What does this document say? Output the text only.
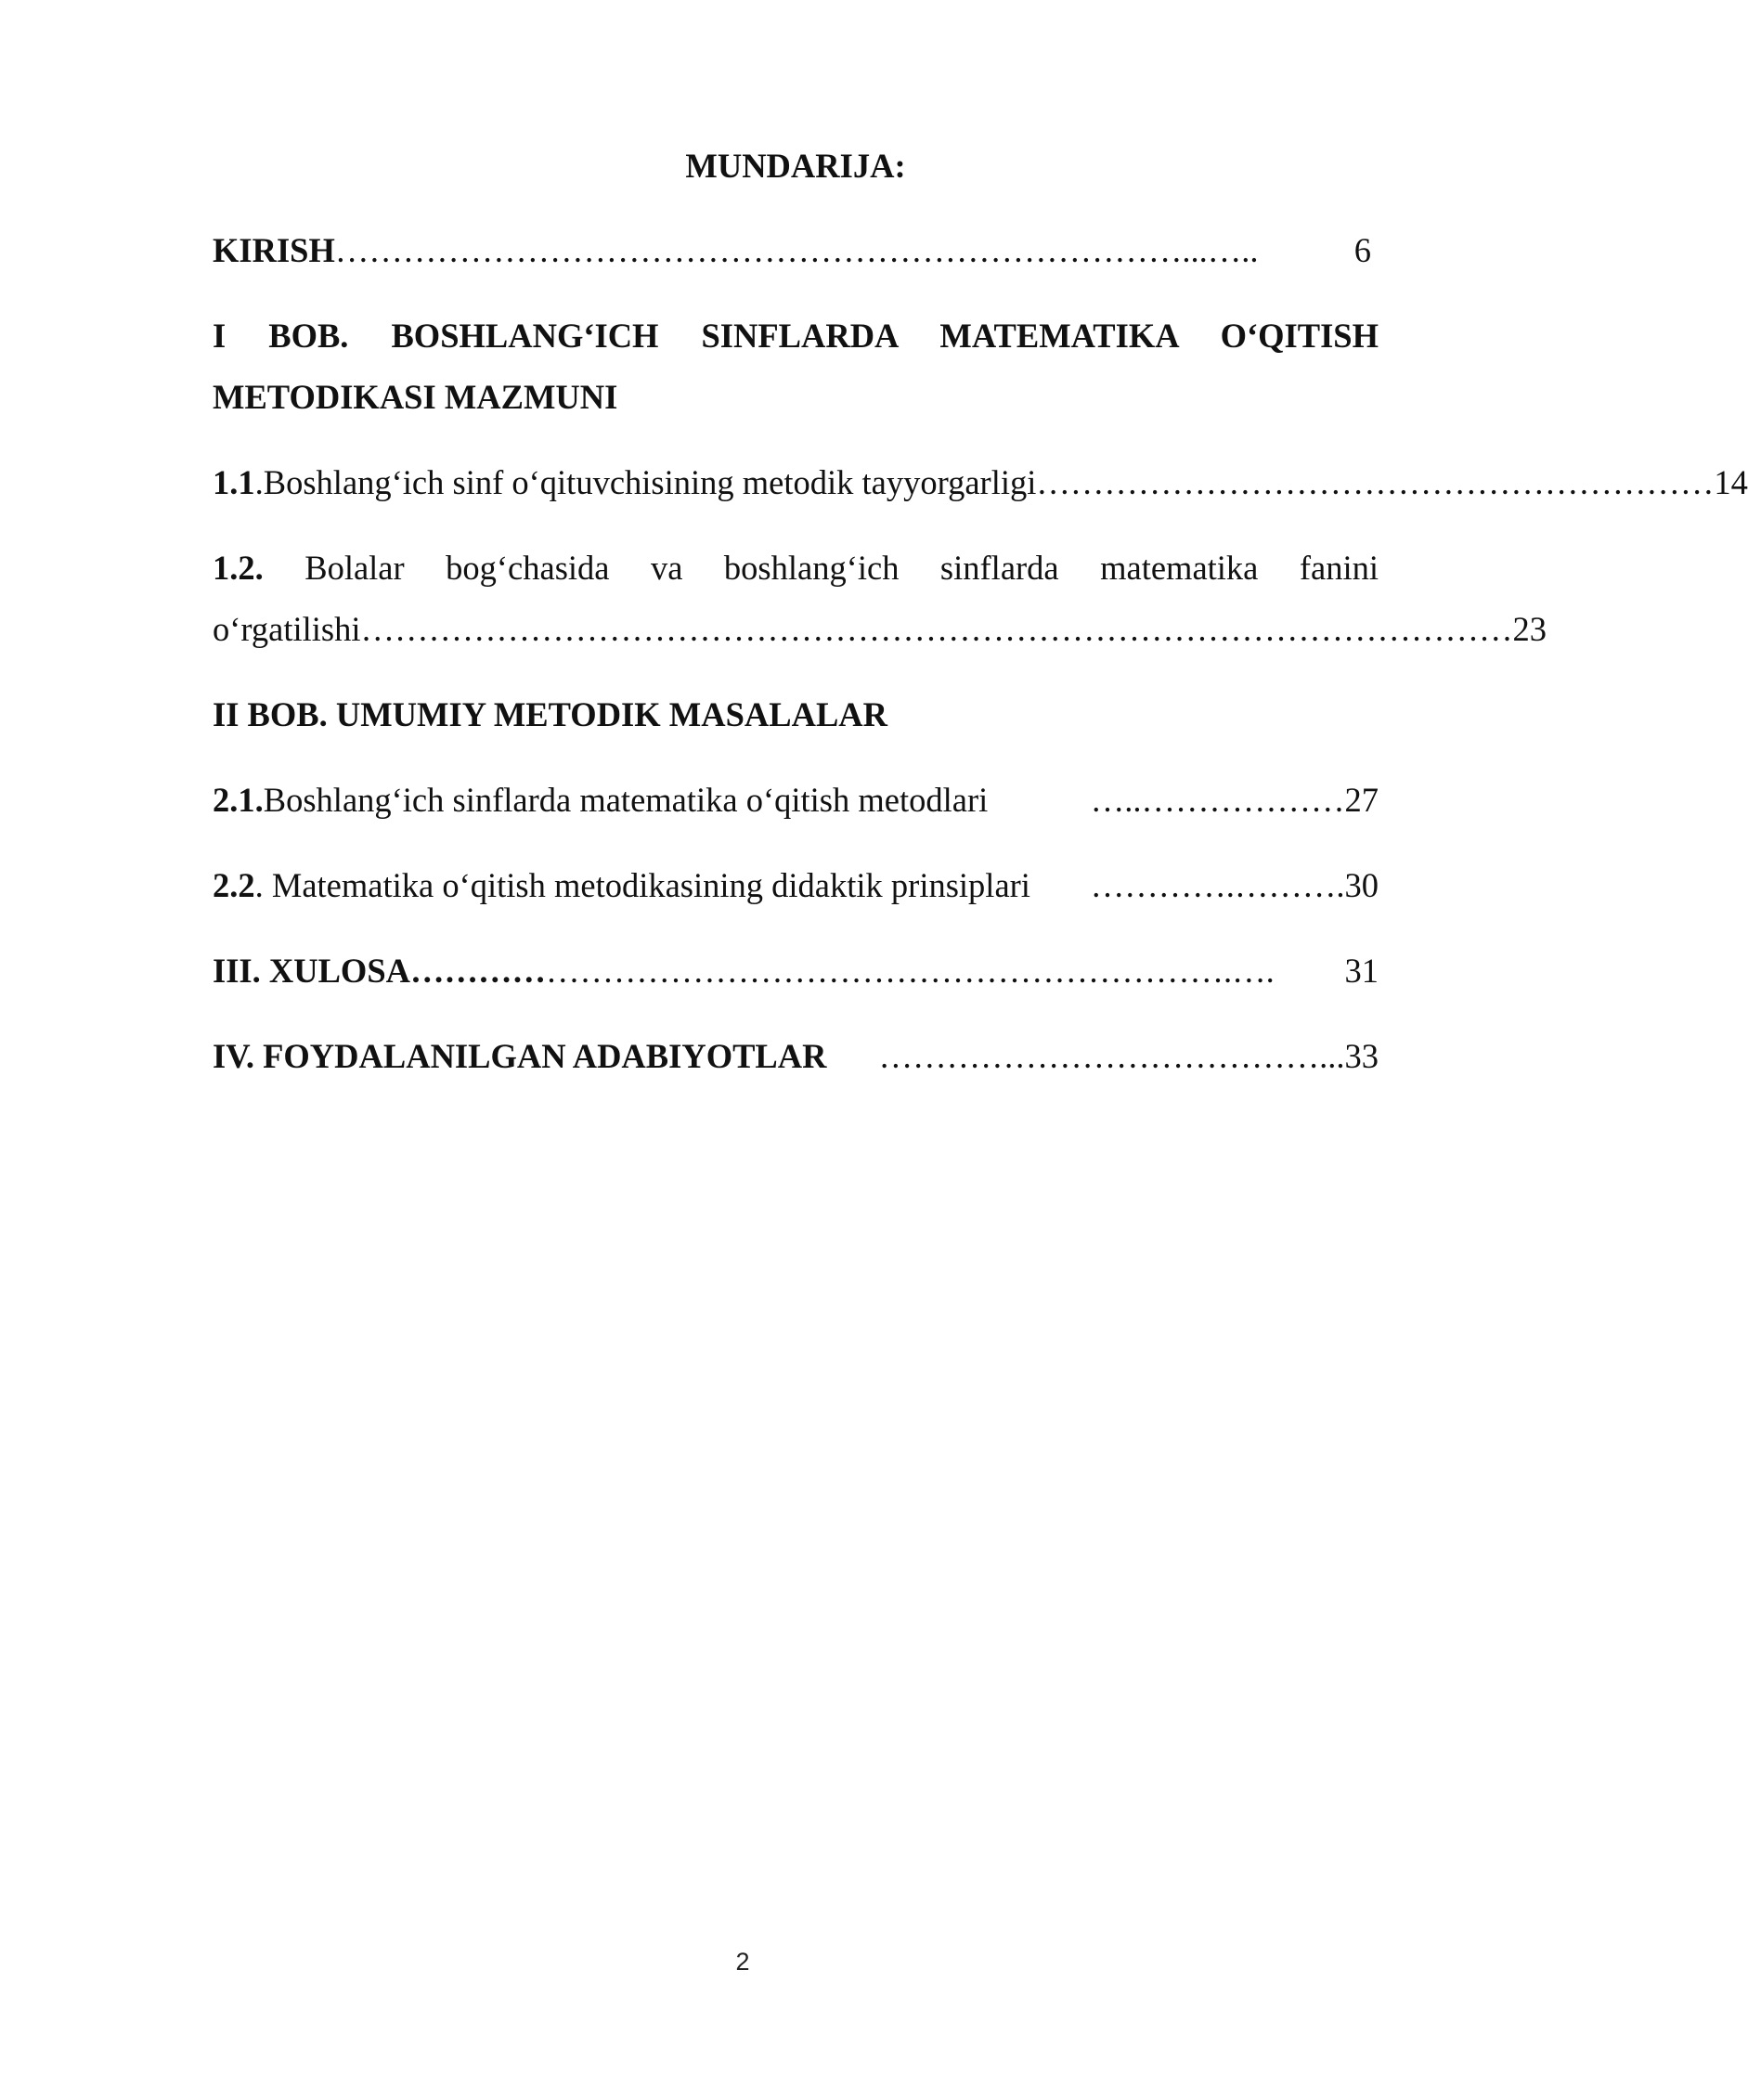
MUNDARIJA:
KIRISH …………………………………………………………………...…..	6
I BOB. BOSHLANG‘ICH SINFLARDA MATEMATIKA O‘QITISH
METODIKASI MAZMUNI
1.1 .Boshlang‘ich sinf o‘qituvchisining metodik tayyorgarligi …………………………………………………… 14
1.2. Bolalar bog‘chasida va boshlang‘ich sinflarda matematika fanini
o‘rgatilishi ………………………………………………………………………………………… 23
II BOB. UMUMIY METODIK MASALALAR
2.1. Boshlang‘ich sinflarda matematika o‘qitish metodlari	…..……………… 27
2.2 . Matematika o‘qitish metodikasining didaktik prinsiplari	………….………. 30
III. XULOSA ………… …………………………………………………….….	31
IV. FOYDALANILGAN ADABIYOTLAR	…………………………………... 33
2
